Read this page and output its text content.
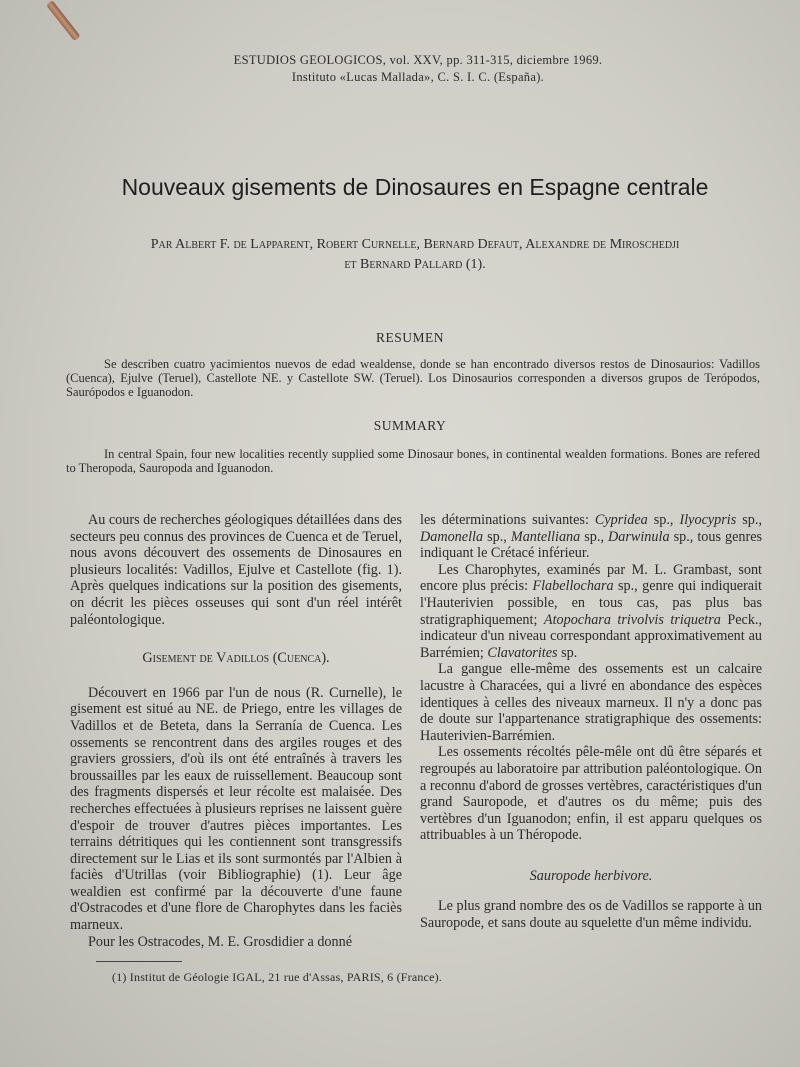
ESTUDIOS GEOLOGICOS, vol. XXV, pp. 311-315, diciembre 1969.
Instituto «Lucas Mallada», C. S. I. C. (España).
Nouveaux gisements de Dinosaures en Espagne centrale
Par Albert F. de Lapparent, Robert Curnelle, Bernard Defaut, Alexandre de Miroschedji
et Bernard Pallard (1).
RESUMEN
Se describen cuatro yacimientos nuevos de edad wealdense, donde se han encontrado diversos restos de Dinosaurios: Vadillos (Cuenca), Ejulve (Teruel), Castellote NE. y Castellote SW. (Teruel). Los Dinosaurios corresponden a diversos grupos de Terópodos, Saurópodos e Iguanodon.
SUMMARY
In central Spain, four new localities recently supplied some Dinosaur bones, in continental wealden formations. Bones are refered to Theropoda, Sauropoda and Iguanodon.

Au cours de recherches géologiques détaillées dans des secteurs peu connus des provinces de Cuenca et de Teruel, nous avons découvert des ossements de Dinosaures en plusieurs localités: Vadillos, Ejulve et Castellote (fig. 1). Après quelques indications sur la position des gisements, on décrit les pièces osseuses qui sont d'un réel intérêt paléontologique.

Gisement de Vadillos (Cuenca).

Découvert en 1966 par l'un de nous (R. Curnelle), le gisement est situé au NE. de Priego, entre les villages de Vadillos et de Beteta, dans la Serranía de Cuenca. Les ossements se rencontrent dans des argiles rouges et des graviers grossiers, d'où ils ont été entraînés à travers les broussailles par les eaux de ruissellement. Beaucoup sont des fragments dispersés et leur récolte est malaisée. Des recherches effectuées à plusieurs reprises ne laissent guère d'espoir de trouver d'autres pièces importantes. Les terrains détritiques qui les contiennent sont transgressifs directement sur le Lias et ils sont surmontés par l'Albien à faciès d'Utrillas (voir Bibliographie) (1). Leur âge wealdien est confirmé par la découverte d'une faune d'Ostracodes et d'une flore de Charophytes dans les faciès marneux.

Pour les Ostracodes, M. E. Grosdidier a donné

les déterminations suivantes: Cypridea sp., Ilyocypris sp., Damonella sp., Mantelliana sp., Darwinula sp., tous genres indiquant le Crétacé inférieur.

Les Charophytes, examinés par M. L. Grambast, sont encore plus précis: Flabellochara sp., genre qui indiquerait l'Hauterivien possible, en tous cas, pas plus bas stratigraphiquement; Atopochara trivolvis triquetra Peck., indicateur d'un niveau correspondant approximativement au Barrémien; Clavatorites sp.

La gangue elle-même des ossements est un calcaire lacustre à Characées, qui a livré en abondance des espèces identiques à celles des niveaux marneux. Il n'y a donc pas de doute sur l'appartenance stratigraphique des ossements: Hauterivien-Barrémien.

Les ossements récoltés pêle-mêle ont dû être séparés et regroupés au laboratoire par attribution paléontologique. On a reconnu d'abord de grosses vertèbres, caractéristiques d'un grand Sauropode, et d'autres os du même; puis des vertèbres d'un Iguanodon; enfin, il est apparu quelques os attribuables à un Théropode.

Sauropode herbivore.

Le plus grand nombre des os de Vadillos se rapporte à un Sauropode, et sans doute au squelette d'un même individu.

(1) Institut de Géologie IGAL, 21 rue d'Assas, PARIS, 6 (France).
